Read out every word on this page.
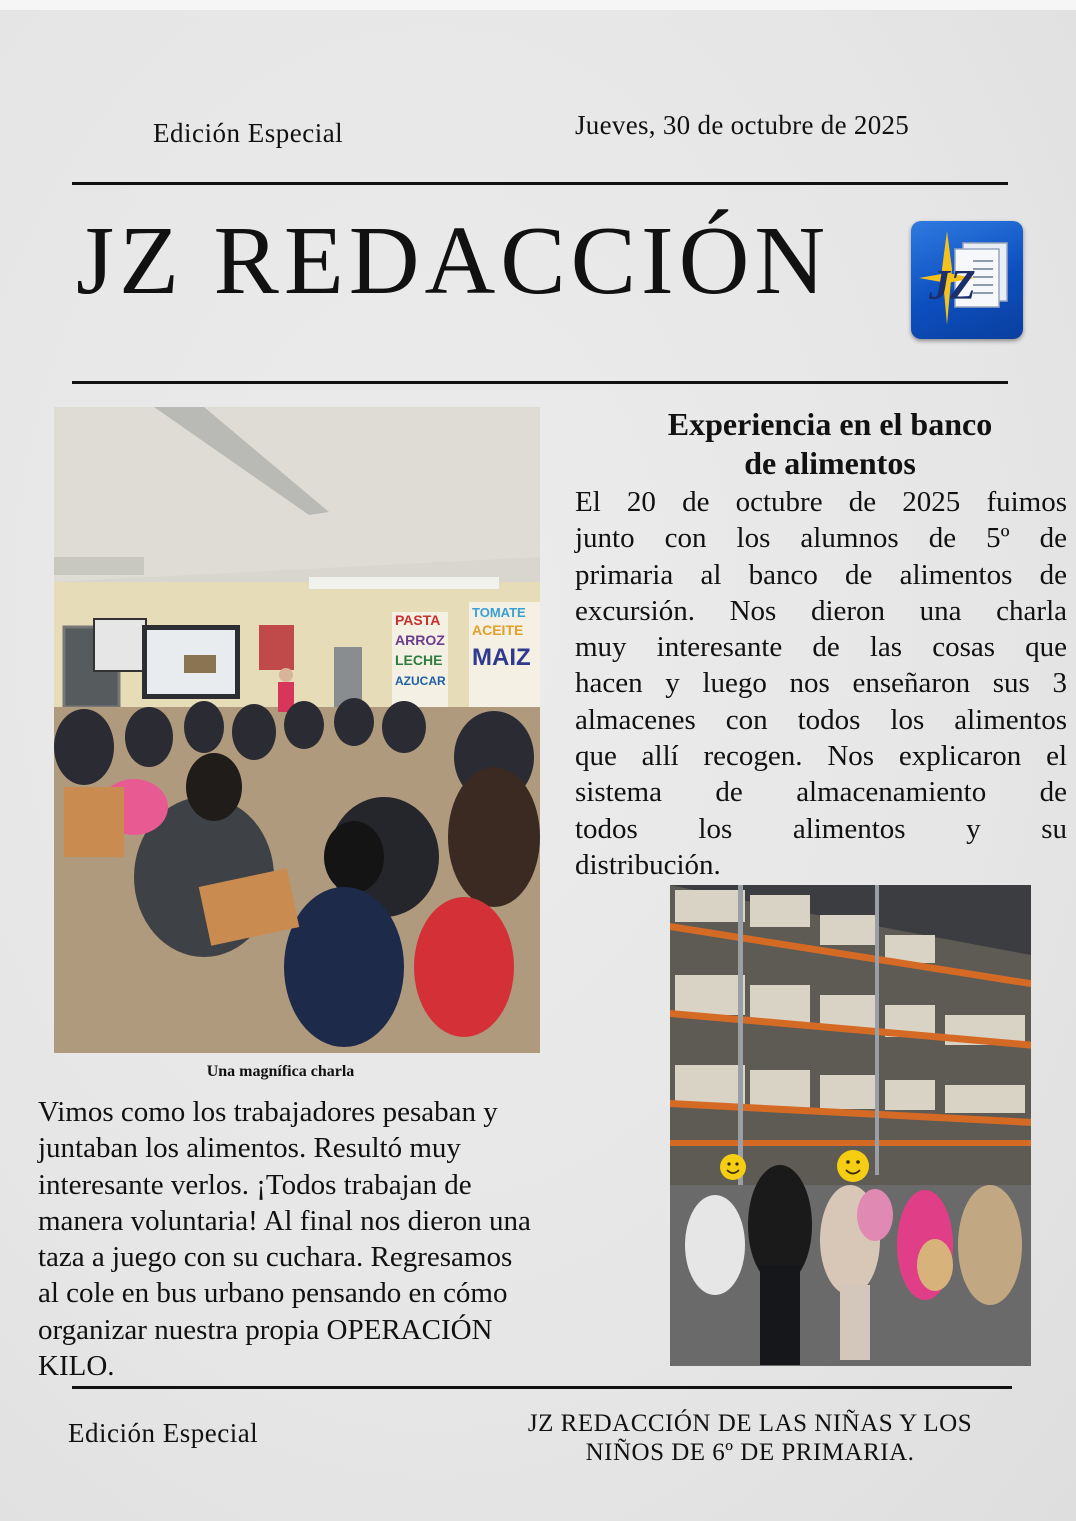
Edición Especial	Jueves, 30 de octubre de 2025
JZ REDACCIÓN JZ
PASTA
ARROZ
LECHE
AZUCAR
TOMATE
ACEITE
MAIZ
Una magnífica charla
Experiencia en el banco
de alimentos
El 20 de octubre de 2025 fuimos
junto con los alumnos de 5º de
primaria al banco de alimentos de
excursión. Nos dieron una charla
muy interesante de las cosas que
hacen y luego nos enseñaron sus 3
almacenes con todos los alimentos
que allí recogen. Nos explicaron el
sistema de almacenamiento de
todos los alimentos y su
distribución.
Vimos como los trabajadores pesaban y
juntaban los alimentos. Resultó muy
interesante verlos. ¡Todos trabajan de
manera voluntaria! Al final nos dieron una
taza a juego con su cuchara. Regresamos
al cole en bus urbano pensando en cómo
organizar nuestra propia OPERACIÓN
KILO.
Edición Especial	JZ REDACCIÓN DE LAS NIÑAS Y LOS
NIÑOS DE 6º DE PRIMARIA.
